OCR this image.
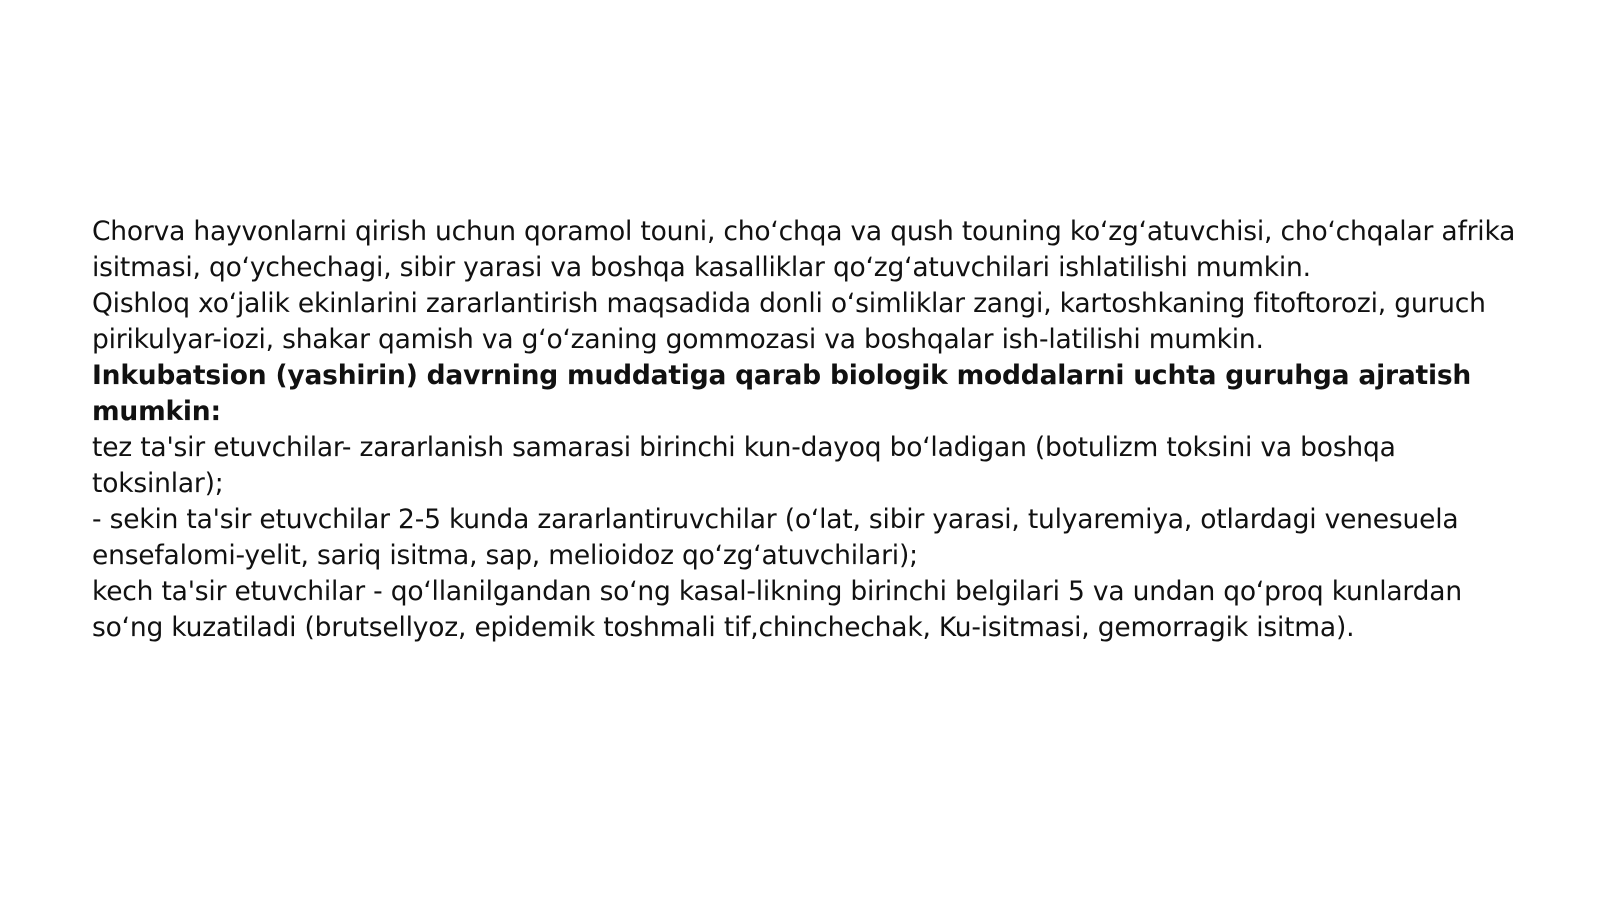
Chorva hayvonlarni qirish uchun qoramol touni, choʻchqa va qush touning koʻzgʻatuvchisi, choʻchqalar afrika isitmasi, qoʻychechagi, sibir yarasi va boshqa kasalliklar qoʻzgʻatuvchilari ishlatilishi mumkin.

Qishloq xoʻjalik ekinlarini zararlantirish maqsadida donli oʻsimliklar zangi, kartoshkaning fitoftorozi, guruch pirikulyar-iozi, shakar qamish va gʻoʻzaning gommozasi va boshqalar ish-latilishi mumkin.

Inkubatsion (yashirin) davrning muddatiga qarab biologik moddalarni uchta guruhga ajratish mumkin:

tez ta'sir etuvchilar- zararlanish samarasi birinchi kun-dayoq boʻladigan (botulizm toksini va boshqa toksinlar);

- sekin ta'sir etuvchilar 2-5 kunda zararlantiruvchilar (oʻlat, sibir yarasi, tulyaremiya, otlardagi venesuela ensefalomi-yelit, sariq isitma, sap, melioidoz qoʻzgʻatuvchilari);

kech ta'sir etuvchilar - qoʻllanilgandan soʻng kasal-likning birinchi belgilari 5 va undan qoʻproq kunlardan soʻng kuzatiladi (brutsellyoz, epidemik toshmali tif,chinchechak, Ku-isitmasi, gemorragik isitma).
